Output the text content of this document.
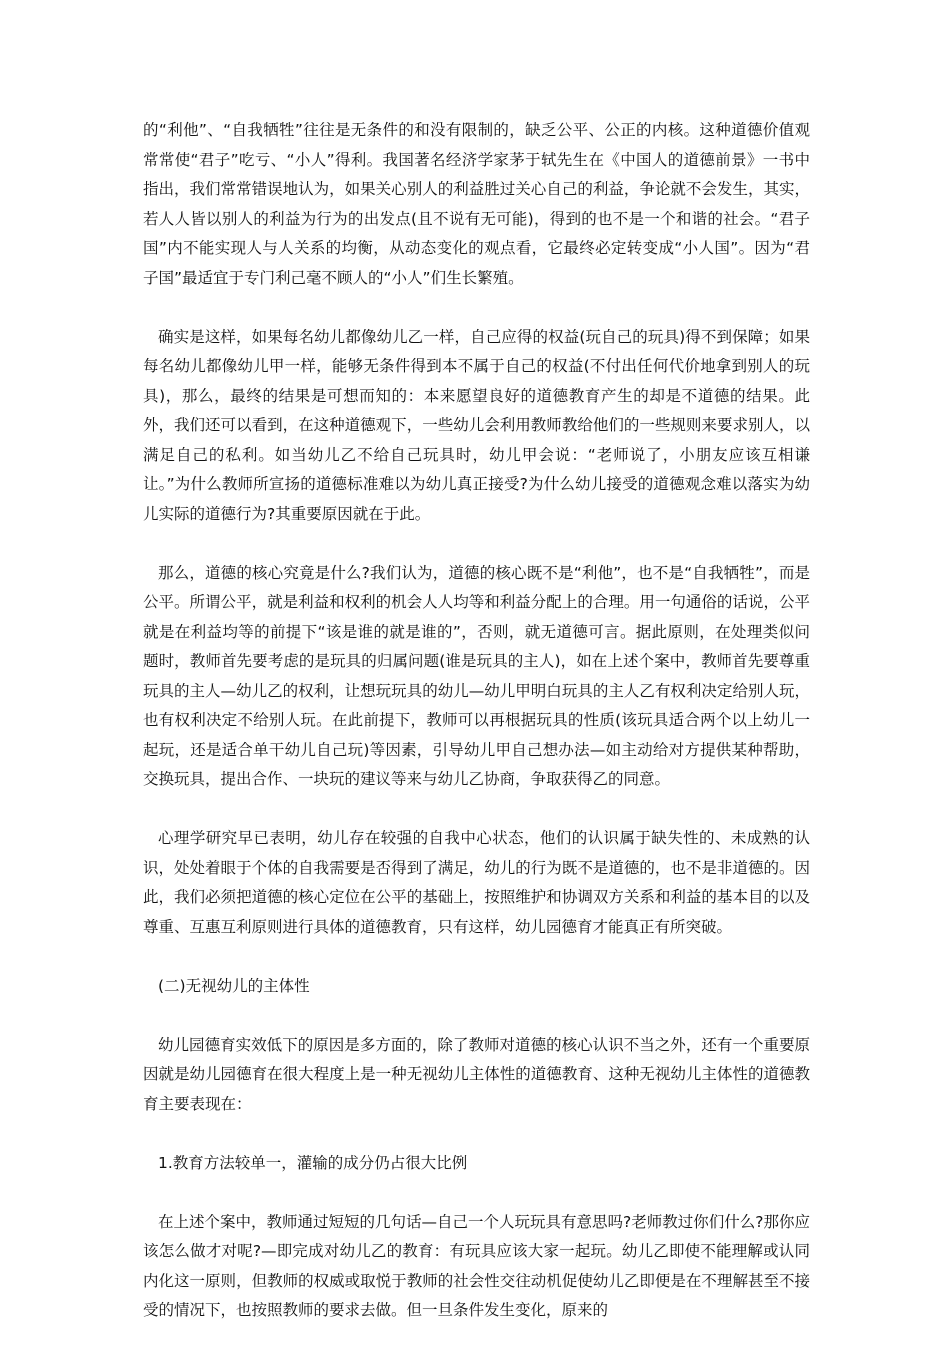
的“利他”、“自我牺牲”往往是无条件的和没有限制的，缺乏公平、公正的内核。这种道德价值观常常使“君子”吃亏、“小人”得利。我国著名经济学家茅于轼先生在《中国人的道德前景》一书中指出，我们常常错误地认为，如果关心别人的利益胜过关心自己的利益，争论就不会发生，其实，若人人皆以别人的利益为行为的出发点(且不说有无可能)，得到的也不是一个和谐的社会。“君子国”内不能实现人与人关系的均衡，从动态变化的观点看，它最终必定转变成“小人国”。因为“君子国”最适宜于专门利己毫不顾人的“小人”们生长繁殖。

确实是这样，如果每名幼儿都像幼儿乙一样，自己应得的权益(玩自己的玩具)得不到保障；如果每名幼儿都像幼儿甲一样，能够无条件得到本不属于自己的权益(不付出任何代价地拿到别人的玩具)，那么，最终的结果是可想而知的：本来愿望良好的道德教育产生的却是不道德的结果。此外，我们还可以看到，在这种道德观下，一些幼儿会利用教师教给他们的一些规则来要求别人，以满足自己的私利。如当幼儿乙不给自己玩具时，幼儿甲会说：“老师说了，小朋友应该互相谦让。”为什么教师所宣扬的道德标准难以为幼儿真正接受?为什么幼儿接受的道德观念难以落实为幼儿实际的道德行为?其重要原因就在于此。

那么，道德的核心究竟是什么?我们认为，道德的核心既不是“利他”，也不是“自我牺牲”，而是公平。所谓公平，就是利益和权利的机会人人均等和利益分配上的合理。用一句通俗的话说，公平就是在利益均等的前提下“该是谁的就是谁的”，否则，就无道德可言。据此原则，在处理类似问题时，教师首先要考虑的是玩具的归属问题(谁是玩具的主人)，如在上述个案中，教师首先要尊重玩具的主人—幼儿乙的权利，让想玩玩具的幼儿—幼儿甲明白玩具的主人乙有权利决定给别人玩，也有权利决定不给别人玩。在此前提下，教师可以再根据玩具的性质(该玩具适合两个以上幼儿一起玩，还是适合单干幼儿自己玩)等因素，引导幼儿甲自己想办法—如主动给对方提供某种帮助，交换玩具，提出合作、一块玩的建议等来与幼儿乙协商，争取获得乙的同意。

心理学研究早已表明，幼儿存在较强的自我中心状态，他们的认识属于缺失性的、未成熟的认识，处处着眼于个体的自我需要是否得到了满足，幼儿的行为既不是道德的，也不是非道德的。因此，我们必须把道德的核心定位在公平的基础上，按照维护和协调双方关系和利益的基本目的以及尊重、互惠互利原则进行具体的道德教育，只有这样，幼儿园德育才能真正有所突破。

(二)无视幼儿的主体性

幼儿园德育实效低下的原因是多方面的，除了教师对道德的核心认识不当之外，还有一个重要原因就是幼儿园德育在很大程度上是一种无视幼儿主体性的道德教育、这种无视幼儿主体性的道德教育主要表现在：

1.教育方法较单一，灌输的成分仍占很大比例

在上述个案中，教师通过短短的几句话—自己一个人玩玩具有意思吗?老师教过你们什么?那你应该怎么做才对呢?—即完成对幼儿乙的教育：有玩具应该大家一起玩。幼儿乙即使不能理解或认同内化这一原则，但教师的权威或取悦于教师的社会性交往动机促使幼儿乙即便是在不理解甚至不接受的情况下，也按照教师的要求去做。但一旦条件发生变化，原来的
